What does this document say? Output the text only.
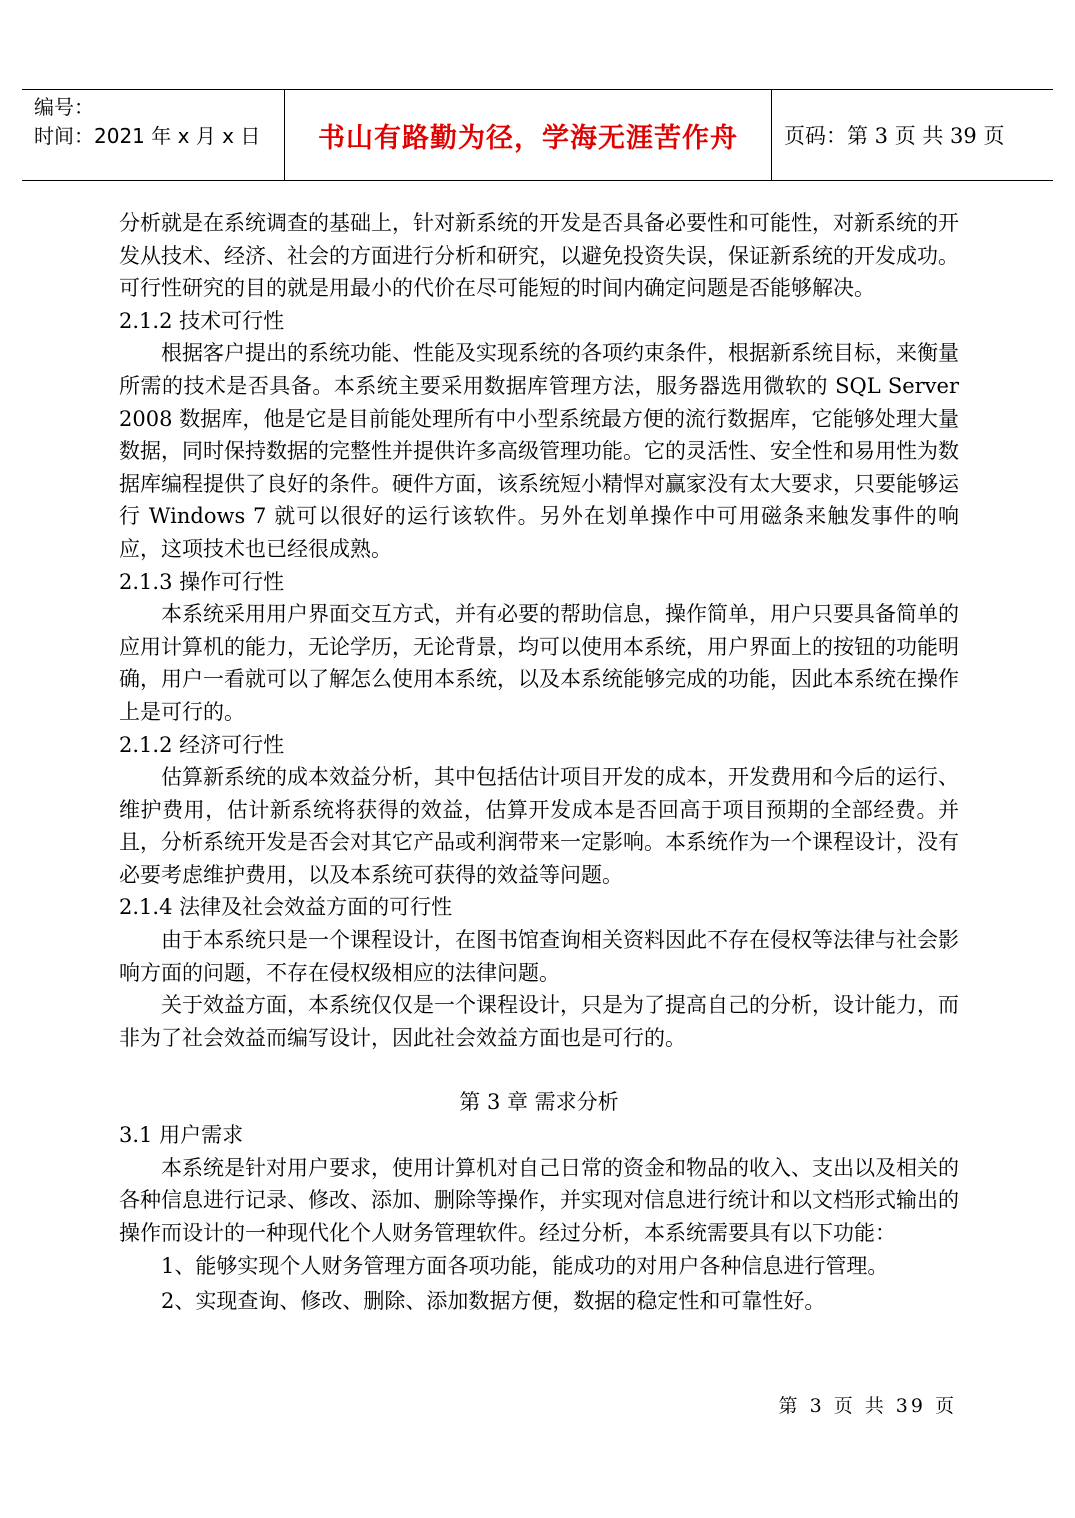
编号：
时间：2021 年 x 月 x 日	书山有路勤为径，学海无涯苦作舟 页码：第 3 页 共 39 页

分析就是在系统调查的基础上，针对新系统的开发是否具备必要性和可能性，对新系统的开发从技术、经济、社会的方面进行分析和研究，以避免投资失误，保证新系统的开发成功。可行性研究的目的就是用最小的代价在尽可能短的时间内确定问题是否能够解决。

2.1.2 技术可行性

根据客户提出的系统功能、性能及实现系统的各项约束条件，根据新系统目标，来衡量所需的技术是否具备。本系统主要采用数据库管理方法，服务器选用微软的 SQL Server 2008 数据库，他是它是目前能处理所有中小型系统最方便的流行数据库，它能够处理大量数据，同时保持数据的完整性并提供许多高级管理功能。它的灵活性、安全性和易用性为数据库编程提供了良好的条件。硬件方面，该系统短小精悍对赢家没有太大要求，只要能够运行 Windows 7 就可以很好的运行该软件。另外在划单操作中可用磁条来触发事件的响应，这项技术也已经很成熟。

2.1.3 操作可行性

本系统采用用户界面交互方式，并有必要的帮助信息，操作简单，用户只要具备简单的应用计算机的能力，无论学历，无论背景，均可以使用本系统，用户界面上的按钮的功能明确，用户一看就可以了解怎么使用本系统，以及本系统能够完成的功能，因此本系统在操作上是可行的。

2.1.2 经济可行性

估算新系统的成本效益分析，其中包括估计项目开发的成本，开发费用和今后的运行、维护费用，估计新系统将获得的效益，估算开发成本是否回高于项目预期的全部经费。并且，分析系统开发是否会对其它产品或利润带来一定影响。本系统作为一个课程设计，没有必要考虑维护费用，以及本系统可获得的效益等问题。

2.1.4 法律及社会效益方面的可行性

由于本系统只是一个课程设计，在图书馆查询相关资料因此不存在侵权等法律与社会影响方面的问题，不存在侵权级相应的法律问题。

关于效益方面，本系统仅仅是一个课程设计，只是为了提高自己的分析，设计能力，而非为了社会效益而编写设计，因此社会效益方面也是可行的。

第 3 章 需求分析

3.1 用户需求

本系统是针对用户要求，使用计算机对自己日常的资金和物品的收入、支出以及相关的各种信息进行记录、修改、添加、删除等操作，并实现对信息进行统计和以文档形式输出的操作而设计的一种现代化个人财务管理软件。经过分析，本系统需要具有以下功能：

1、能够实现个人财务管理方面各项功能，能成功的对用户各种信息进行管理。

2、实现查询、修改、删除、添加数据方便，数据的稳定性和可靠性好。

第 3 页 共 39 页
